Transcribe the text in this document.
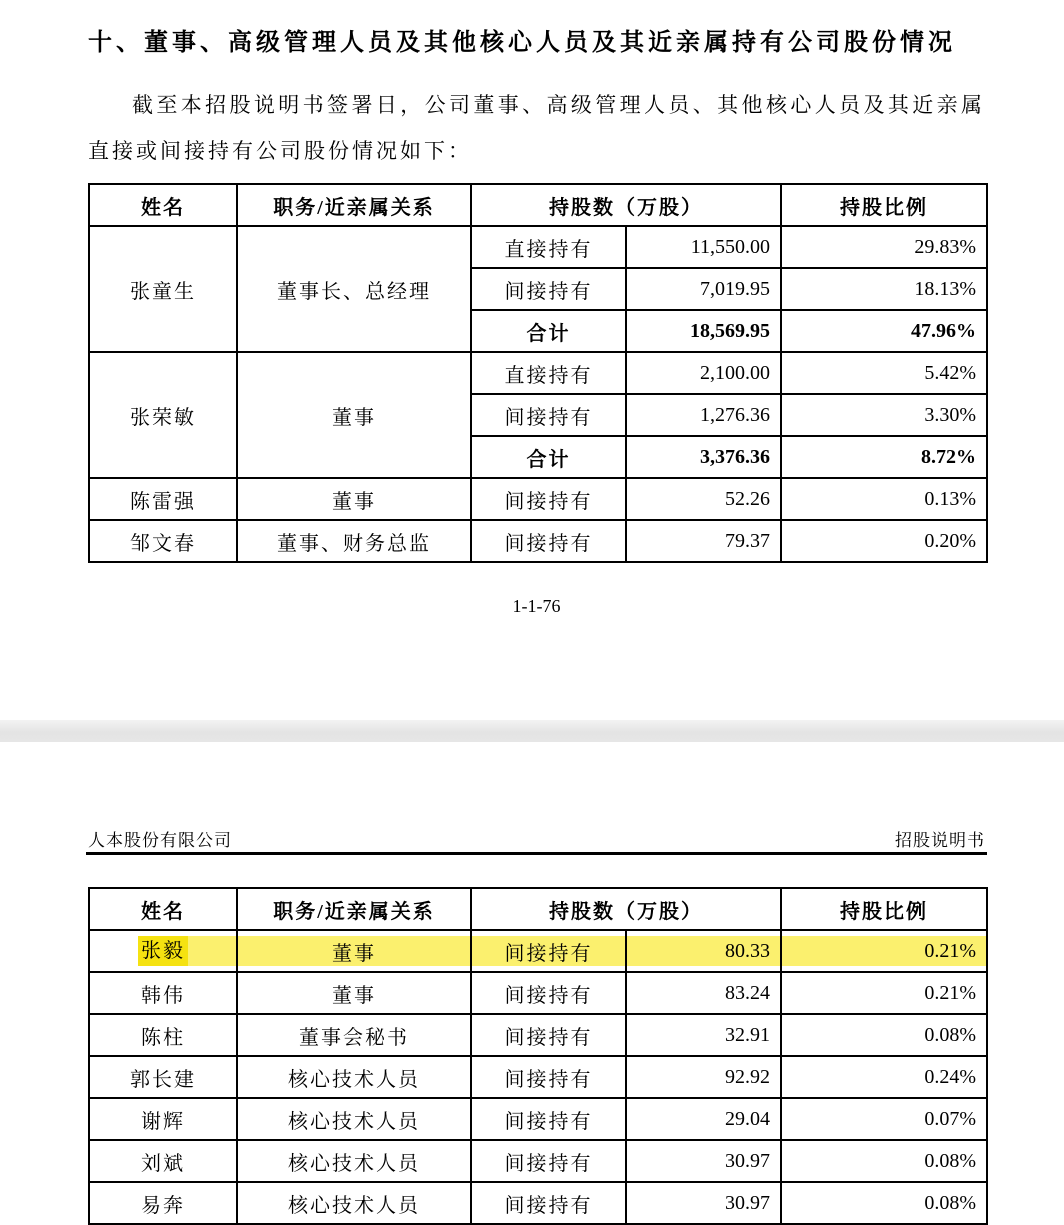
十、董事、高级管理人员及其他核心人员及其近亲属持有公司股份情况
截至本招股说明书签署日，公司董事、高级管理人员、其他核心人员及其近亲属直接或间接持有公司股份情况如下：
姓名	职务/近亲属关系	持股数（万股）		持股比例
张童生	董事长、总经理	直接持有	11,550.00	29.83%
		间接持有	7,019.95	18.13%
		合计	18,569.95	47.96%
张荣敏	董事	直接持有	2,100.00	5.42%
		间接持有	1,276.36	3.30%
		合计	3,376.36	8.72%
陈雷强	董事	间接持有	52.26	0.13%
邹文春	董事、财务总监	间接持有	79.37	0.20%
1-1-76
人本股份有限公司	招股说明书
姓名	职务/近亲属关系	持股数（万股）		持股比例
张毅	董事	间接持有	80.33	0.21%
韩伟	董事	间接持有	83.24	0.21%
陈柱	董事会秘书	间接持有	32.91	0.08%
郭长建	核心技术人员	间接持有	92.92	0.24%
谢辉	核心技术人员	间接持有	29.04	0.07%
刘斌	核心技术人员	间接持有	30.97	0.08%
易奔	核心技术人员	间接持有	30.97	0.08%
